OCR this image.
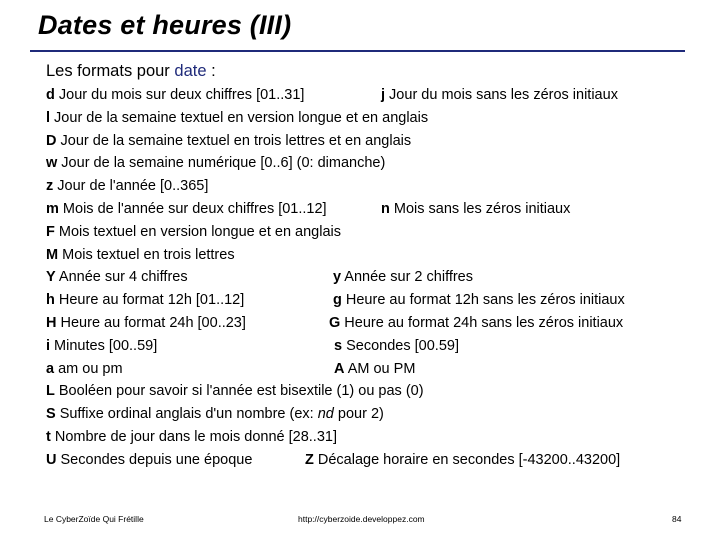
Dates et heures (III)
Les formats pour date :
d Jour du mois sur deux chiffres [01..31]	j Jour du mois sans les zéros initiaux
l Jour de la semaine textuel en version longue et en anglais
D Jour de la semaine textuel en trois lettres et en anglais
w Jour de la semaine numérique [0..6] (0: dimanche)
z Jour de l'année [0..365]
m Mois de l'année sur deux chiffres [01..12]	n Mois sans les zéros initiaux
F Mois textuel en version longue et en anglais
M Mois textuel en trois lettres
Y Année sur 4 chiffres	y Année sur 2 chiffres
h Heure au format 12h [01..12]	g Heure au format 12h sans les zéros initiaux
H Heure au format 24h [00..23]	G Heure au format 24h sans les zéros initiaux
i Minutes [00..59]	s Secondes [00.59]
a am ou pm	A AM ou PM
L Booléen pour savoir si l'année est bisextile (1) ou pas (0)
S Suffixe ordinal anglais d'un nombre (ex: nd pour 2)
t Nombre de jour dans le mois donné [28..31]
U Secondes depuis une époque	Z Décalage horaire en secondes [-43200..43200]
Le CyberZoïde Qui Frétille	http://cyberzoide.developpez.com	84
